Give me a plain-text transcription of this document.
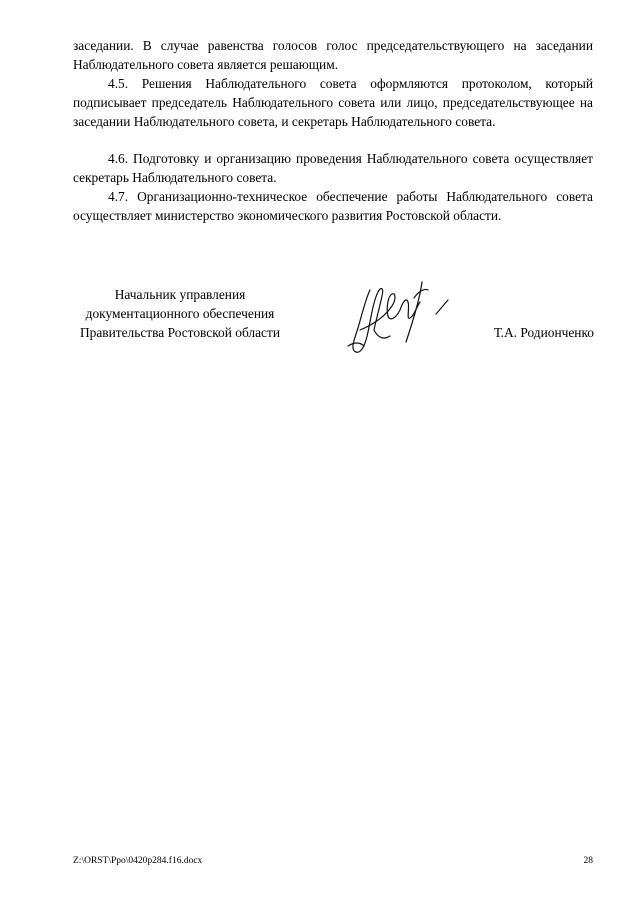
заседании. В случае равенства голосов голос председательствующего на заседании Наблюдательного совета является решающим.

4.5. Решения Наблюдательного совета оформляются протоколом, который подписывает председатель Наблюдательного совета или лицо, председательствующее на заседании Наблюдательного совета, и секретарь Наблюдательного совета.

4.6. Подготовку и организацию проведения Наблюдательного совета осуществляет секретарь Наблюдательного совета.

4.7. Организационно-техническое обеспечение работы Наблюдательного совета осуществляет министерство экономического развития Ростовской области.

Начальник управления
документационного обеспечения
Правительства Ростовской области	Т.А. Родионченко
Z:\ORST\Ppo\0420p284.f16.docx	28
